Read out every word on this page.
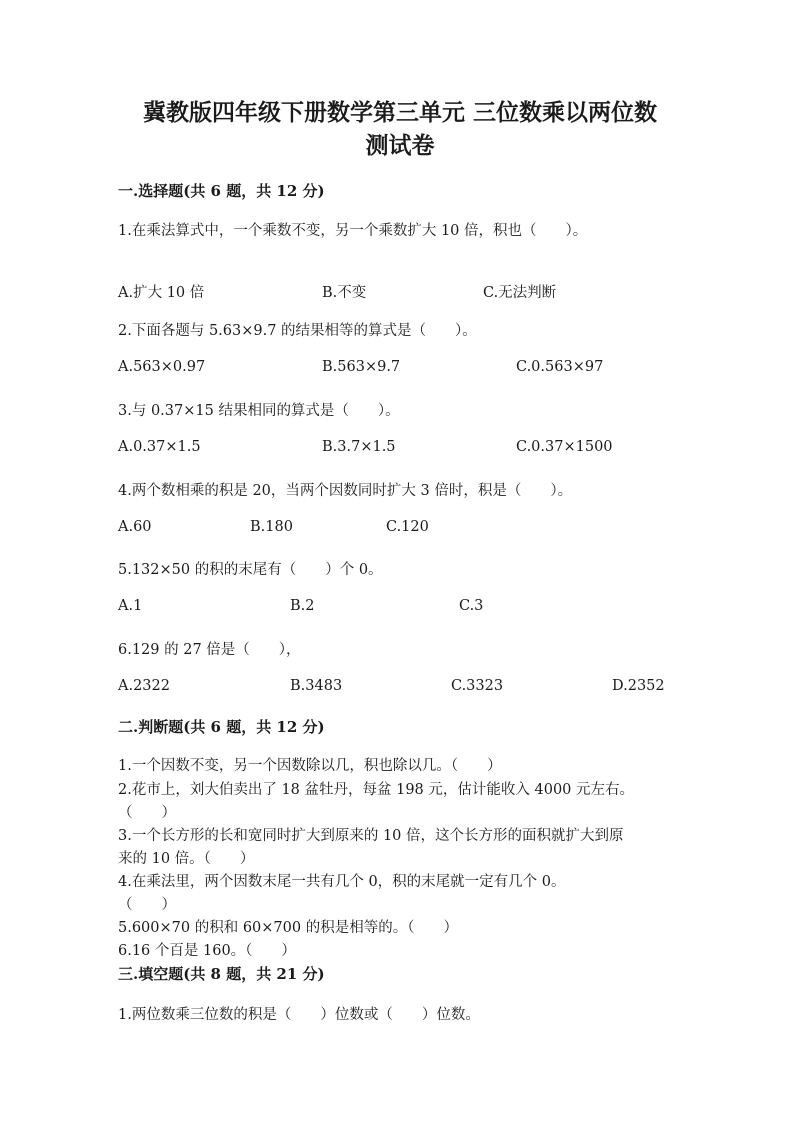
冀教版四年级下册数学第三单元 三位数乘以两位数
测试卷
一.选择题(共 6 题，共 12 分)
1.在乘法算式中，一个乘数不变，另一个乘数扩大 10 倍，积也（　　）。
A.扩大 10 倍	B.不变	C.无法判断
2.下面各题与 5.63×9.7 的结果相等的算式是（　　）。
A.563×0.97	B.563×9.7	C.0.563×97
3.与 0.37×15 结果相同的算式是（　　）。
A.0.37×1.5	B.3.7×1.5	C.0.37×1500
4.两个数相乘的积是 20，当两个因数同时扩大 3 倍时，积是（　　）。
A.60	B.180	C.120
5.132×50 的积的末尾有（　　）个 0。
A.1	B.2	C.3
6.129 的 27 倍是（　　），
A.2322	B.3483	C.3323	D.2352
二.判断题(共 6 题，共 12 分)
1.一个因数不变，另一个因数除以几，积也除以几。（　　）
2.花市上，刘大伯卖出了 18 盆牡丹，每盆 198 元，估计能收入 4000 元左右。
（　　）
3.一个长方形的长和宽同时扩大到原来的 10 倍，这个长方形的面积就扩大到原
来的 10 倍。（　　）
4.在乘法里，两个因数末尾一共有几个 0，积的末尾就一定有几个 0。
（　　）
5.600×70 的积和 60×700 的积是相等的。（　　）
6.16 个百是 160。（　　）
三.填空题(共 8 题，共 21 分)
1.两位数乘三位数的积是（　　）位数或（　　）位数。
